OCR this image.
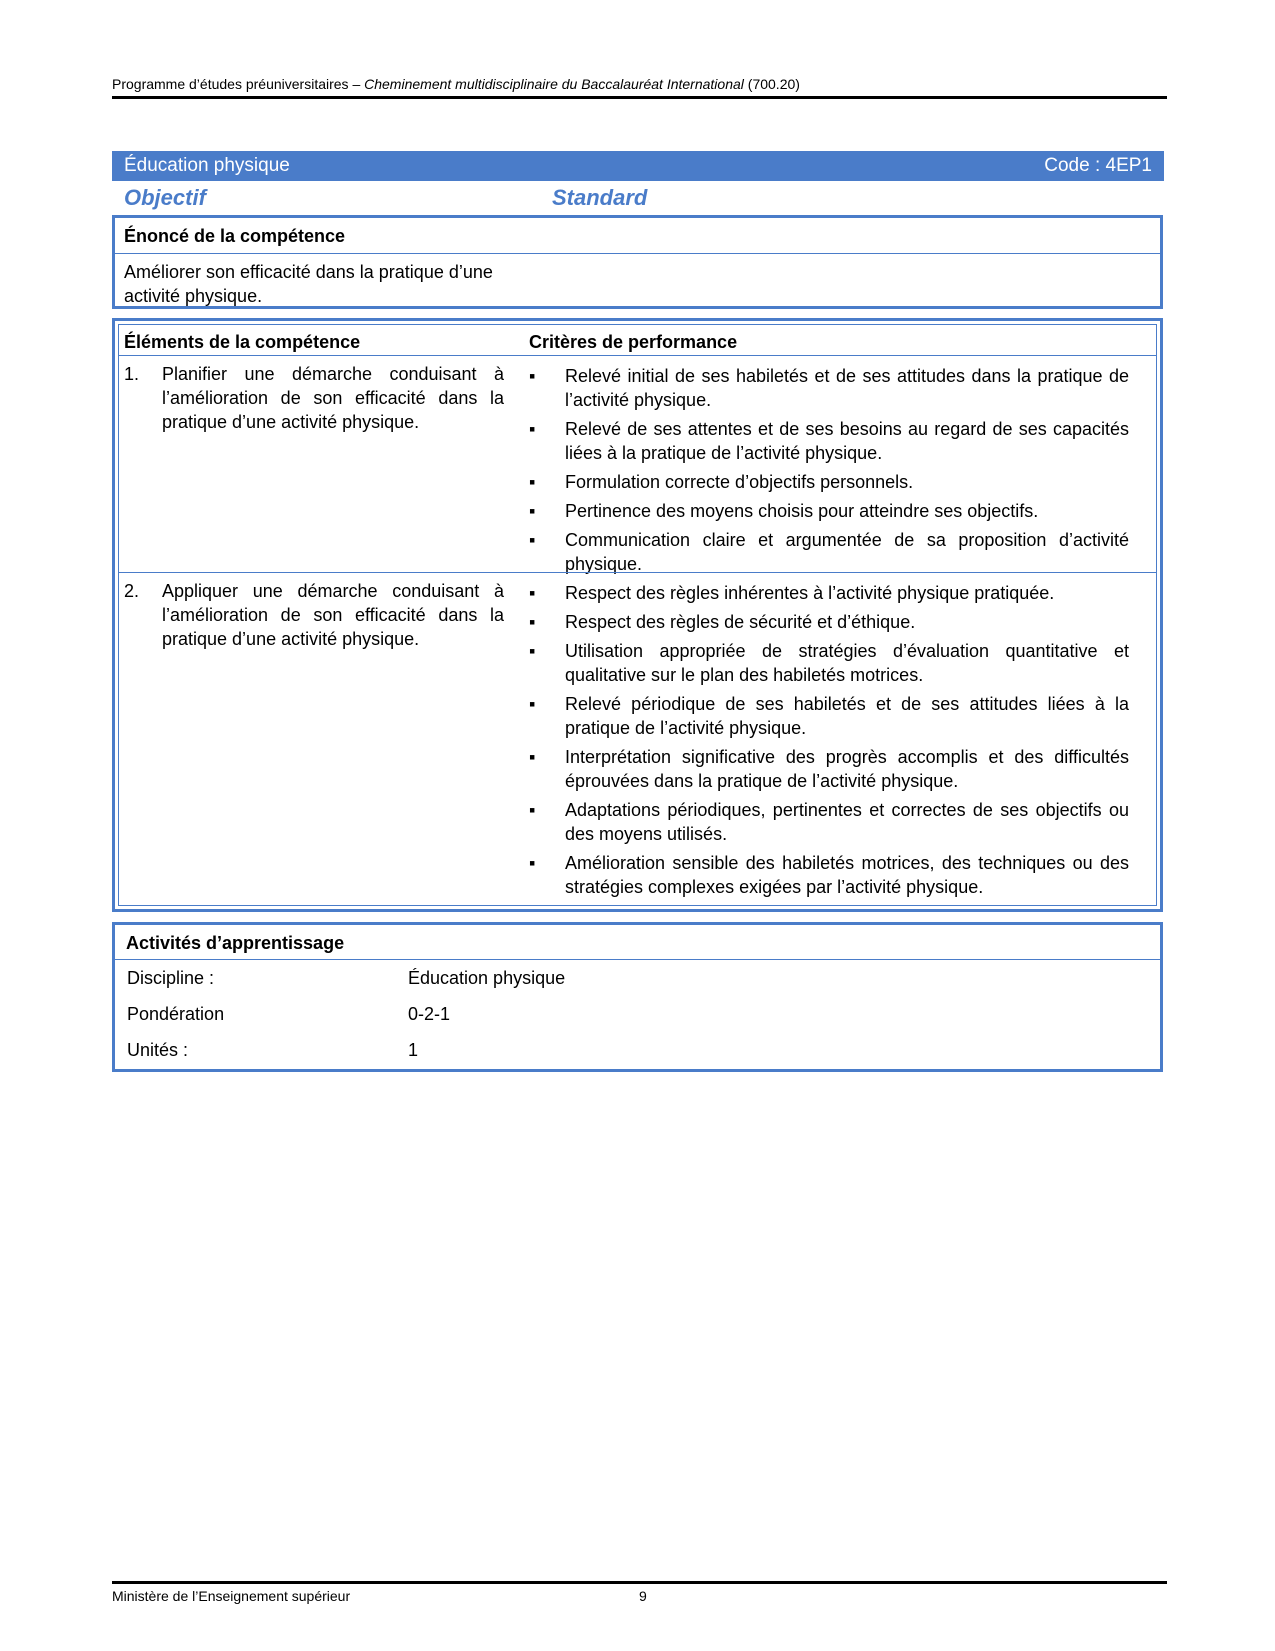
Programme d’études préuniversitaires – Cheminement multidisciplinaire du Baccalauréat International (700.20)
Éducation physique	Code : 4EP1
Objectif	Standard
Énoncé de la compétence
Améliorer son efficacité dans la pratique d’une activité physique.
Éléments de la compétence	Critères de performance
1. Planifier une démarche conduisant à l’amélioration de son efficacité dans la pratique d’une activité physique.
▪	Relevé initial de ses habiletés et de ses attitudes dans la pratique de l’activité physique.
▪	Relevé de ses attentes et de ses besoins au regard de ses capacités liées à la pratique de l’activité physique.
▪	Formulation correcte d’objectifs personnels.
▪	Pertinence des moyens choisis pour atteindre ses objectifs.
▪	Communication claire et argumentée de sa proposition d’activité physique.
2. Appliquer une démarche conduisant à l’amélioration de son efficacité dans la pratique d’une activité physique.
▪	Respect des règles inhérentes à l’activité physique pratiquée.
▪	Respect des règles de sécurité et d’éthique.
▪	Utilisation appropriée de stratégies d’évaluation quantitative et qualitative sur le plan des habiletés motrices.
▪	Relevé périodique de ses habiletés et de ses attitudes liées à la pratique de l’activité physique.
▪	Interprétation significative des progrès accomplis et des difficultés éprouvées dans la pratique de l’activité physique.
▪	Adaptations périodiques, pertinentes et correctes de ses objectifs ou des moyens utilisés.
▪	Amélioration sensible des habiletés motrices, des techniques ou des stratégies complexes exigées par l’activité physique.
Activités d’apprentissage
Discipline :	Éducation physique
Pondération	0-2-1
Unités :	1
Ministère de l’Enseignement supérieur	9
